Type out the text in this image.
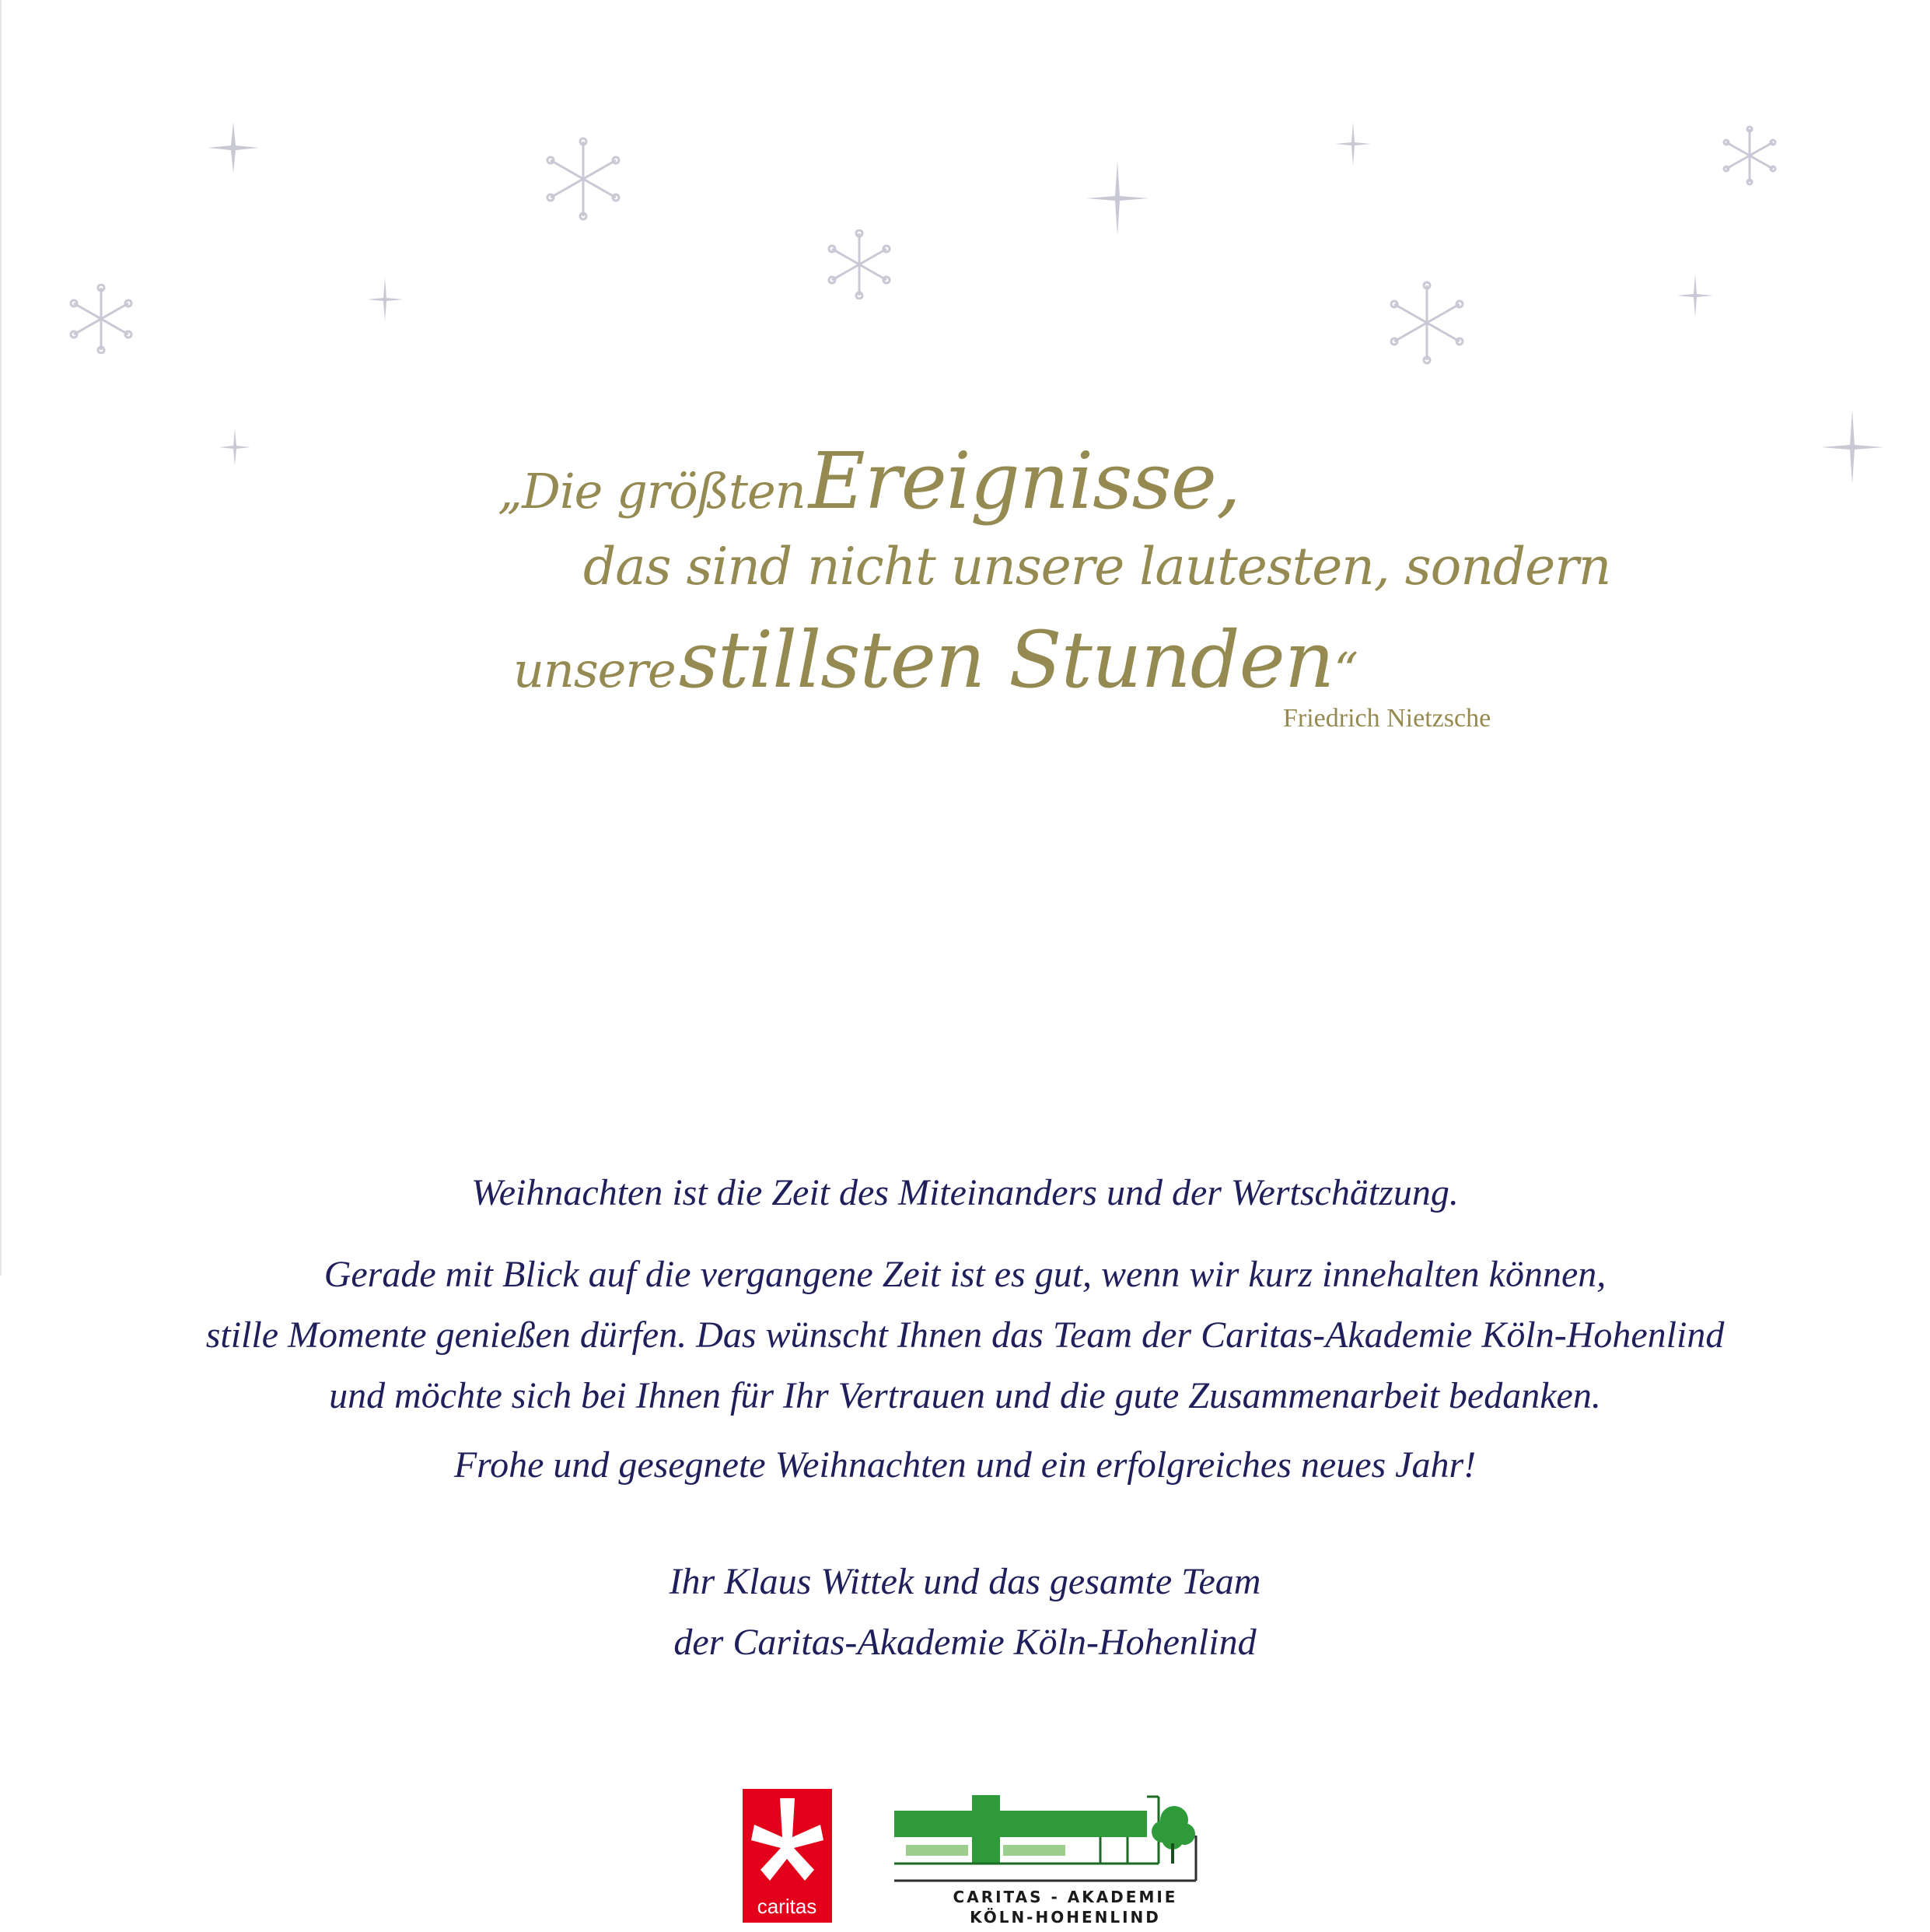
„Die größten Ereignisse,
das sind nicht unsere lautesten, sondern
unsere stillsten Stunden“
Friedrich Nietzsche

Weihnachten ist die Zeit des Miteinanders und der Wertschätzung.

Gerade mit Blick auf die vergangene Zeit ist es gut, wenn wir kurz innehalten können,

stille Momente genießen dürfen. Das wünscht Ihnen das Team der Caritas-Akademie Köln-Hohenlind

und möchte sich bei Ihnen für Ihr Vertrauen und die gute Zusammenarbeit bedanken.

Frohe und gesegnete Weihnachten und ein erfolgreiches neues Jahr!

Ihr Klaus Wittek und das gesamte Team

der Caritas-Akademie Köln-Hohenlind

caritas	CARITAS - AKADEMIE
KÖLN-HOHENLIND
